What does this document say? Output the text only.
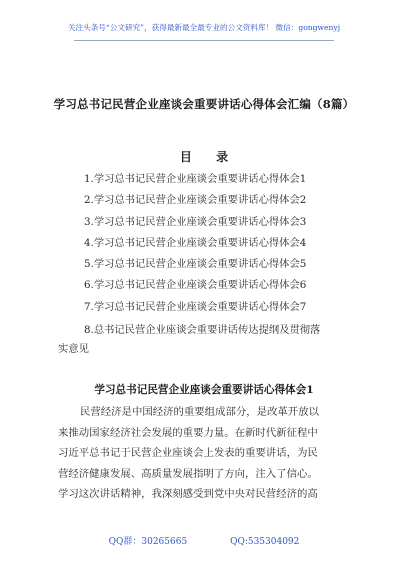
关注头条号“公文研究”，获得最新最全最专业的公文资料库！ 微信：gongwenyj
学习总书记民营企业座谈会重要讲话心得体会汇编（8篇）
目 录
1.学习总书记民营企业座谈会重要讲话心得体会1
2.学习总书记民营企业座谈会重要讲话心得体会2
3.学习总书记民营企业座谈会重要讲话心得体会3
4.学习总书记民营企业座谈会重要讲话心得体会4
5.学习总书记民营企业座谈会重要讲话心得体会5
6.学习总书记民营企业座谈会重要讲话心得体会6
7.学习总书记民营企业座谈会重要讲话心得体会7
8.总书记民营企业座谈会重要讲话传达提纲及贯彻落
实意见
学习总书记民营企业座谈会重要讲话心得体会1

民营经济是中国经济的重要组成部分，是改革开放以
来推动国家经济社会发展的重要力量。在新时代新征程中
习近平总书记于民营企业座谈会上发表的重要讲话，为民
营经济健康发展、高质量发展指明了方向，注入了信心。
学习这次讲话精神，我深刻感受到党中央对民营经济的高

QQ群：30265665	QQ:535304092
